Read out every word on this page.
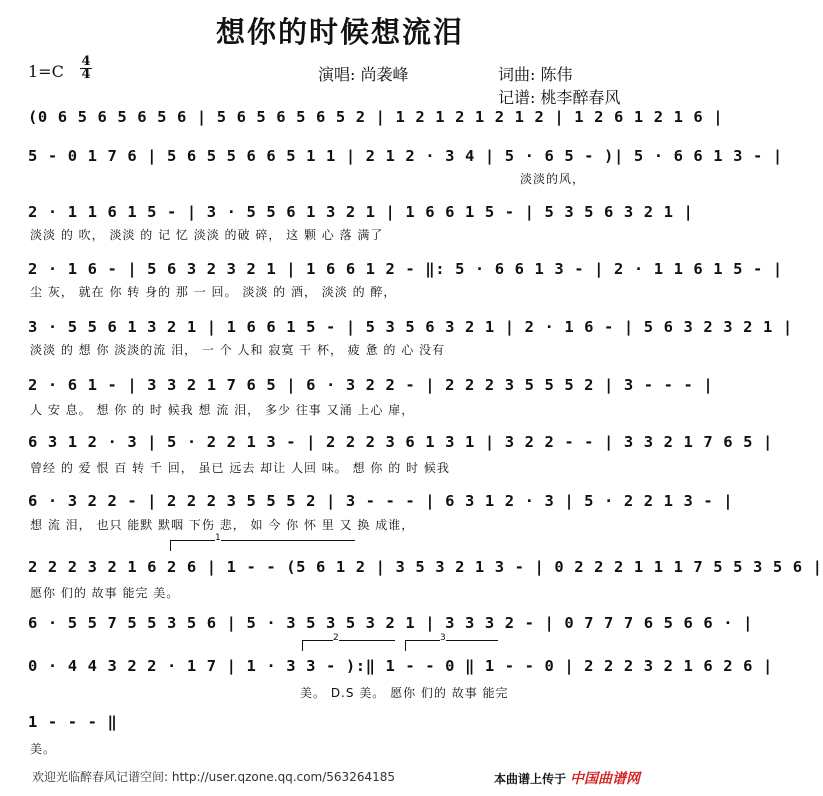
想你的时候想流泪
1=C
4
4	演唱: 尚袭峰	词曲: 陈伟
记谱: 桃李醉春风
(0 6 5 6 5 6 5 6 | 5 6 5 6 5 6 5 2 | 1 2 1 2 1 2 1 2 | 1 2 6 1 2 1 6 |
5 - 0 1 7 6 | 5 6 5 5 6 6 5 1 1 | 2 1 2 · 3 4 | 5 · 6 5 - )| 5 · 6 6 1 3 - |
淡淡的风，
2 · 1 1 6 1 5 - | 3 · 5 5 6 1 3 2 1 | 1 6 6 1 5 - | 5 3 5 6 3 2 1 |
淡淡 的 吹， 淡淡 的 记 忆 淡淡 的破 碎， 这 颗 心 落 满了
2 · 1 6 - | 5 6 3 2 3 2 1 | 1 6 6 1 2 - ‖: 5 · 6 6 1 3 - | 2 · 1 1 6 1 5 - |
尘 灰， 就在 你 转 身的 那 一 回。 淡淡 的 酒， 淡淡 的 醉，
3 · 5 5 6 1 3 2 1 | 1 6 6 1 5 - | 5 3 5 6 3 2 1 | 2 · 1 6 - | 5 6 3 2 3 2 1 |
淡淡 的 想 你 淡淡的流 泪， 一 个 人和 寂寞 干 杯， 疲 惫 的 心 没有
2 · 6 1 - | 3 3 2 1 7 6 5 | 6 · 3 2 2 - | 2 2 2 3 5 5 5 2 | 3 - - - |
人 安 息。 想 你 的 时 候我 想 流 泪， 多少 往事 又涌 上心 扉，
6 3 1 2 · 3 | 5 · 2 2 1 3 - | 2 2 2 3 6 1 3 1 | 3 2 2 - - | 3 3 2 1 7 6 5 |
曾经 的 爱 恨 百 转 千 回， 虽已 远去 却让 人回 味。 想 你 的 时 候我
6 · 3 2 2 - | 2 2 2 3 5 5 5 2 | 3 - - - | 6 3 1 2 · 3 | 5 · 2 2 1 3 - |
想 流 泪， 也只 能默 默咽 下伤 悲， 如 今 你 怀 里 又 换 成谁，
2 2 2 3 2 1 6 2 6 | 1 - - (5 6 1 2 | 3 5 3 2 1 3 - | 0 2 2 2 1 1 1 7 5 5 3 5 6 |
愿你 们的 故事 能完 美。
6 · 5 5 7 5 5 3 5 6 | 5 · 3 5 3 5 3 2 1 | 3 3 3 2 - | 0 7 7 7 6 5 6 6 · |
0 · 4 4 3 2 2 · 1 7 | 1 · 3 3 - ):‖ 1 - - 0 ‖ 1 - - 0 | 2 2 2 3 2 1 6 2 6 |
美。 D.S 美。 愿你 们的 故事 能完
1 - - - ‖
美。
1
2	3
欢迎光临醉春风记谱空间: http://user.qzone.qq.com/563264185	本曲谱上传于 中国曲谱网
